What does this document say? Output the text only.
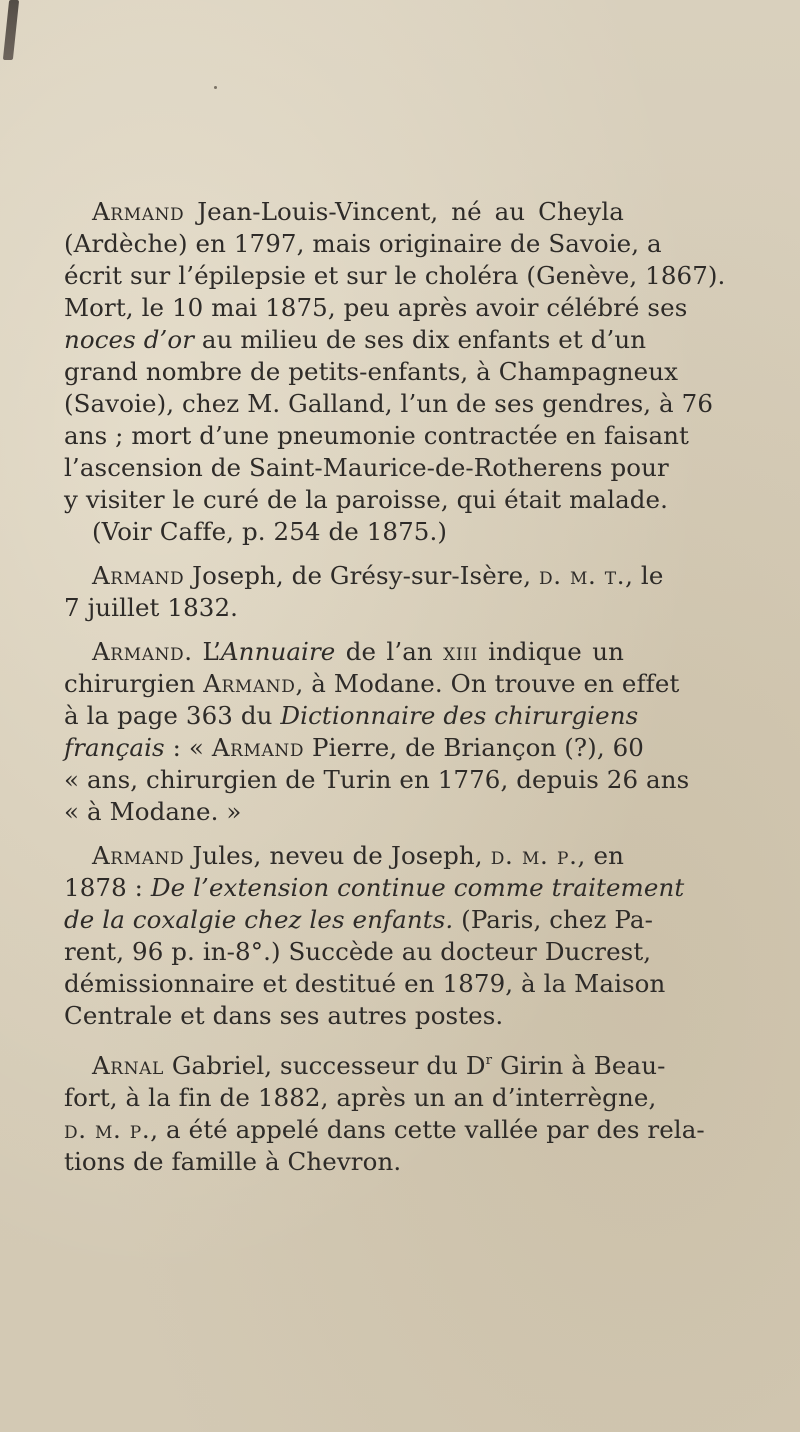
Armand Jean-Louis-Vincent, né au Cheyla
(Ardèche) en 1797, mais originaire de Savoie, a
écrit sur l’épilepsie et sur le choléra (Genève, 1867).
Mort, le 10 mai 1875, peu après avoir célébré ses
noces d’or au milieu de ses dix enfants et d’un
grand nombre de petits-enfants, à Champagneux
(Savoie), chez M. Galland, l’un de ses gendres, à 76
ans ; mort d’une pneumonie contractée en faisant
l’ascension de Saint-Maurice-de-Rotherens pour
y visiter le curé de la paroisse, qui était malade.
(Voir Caffe, p. 254 de 1875.)

Armand Joseph, de Grésy-sur-Isère, d. m. t., le
7 juillet 1832.

Armand. L’Annuaire de l’an xiii indique un
chirurgien Armand, à Modane. On trouve en effet
à la page 363 du Dictionnaire des chirurgiens
français : « Armand Pierre, de Briançon (?), 60
« ans, chirurgien de Turin en 1776, depuis 26 ans
« à Modane. »

Armand Jules, neveu de Joseph, d. m. p., en
1878 : De l’extension continue comme traitement
de la coxalgie chez les enfants. (Paris, chez Pa-
rent, 96 p. in-8°.) Succède au docteur Ducrest,
démissionnaire et destitué en 1879, à la Maison
Centrale et dans ses autres postes.

Arnal Gabriel, successeur du $D^r$ Girin à Beau-
fort, à la fin de 1882, après un an d’interrègne,
d. m. p., a été appelé dans cette vallée par des rela-
tions de famille à Chevron.
